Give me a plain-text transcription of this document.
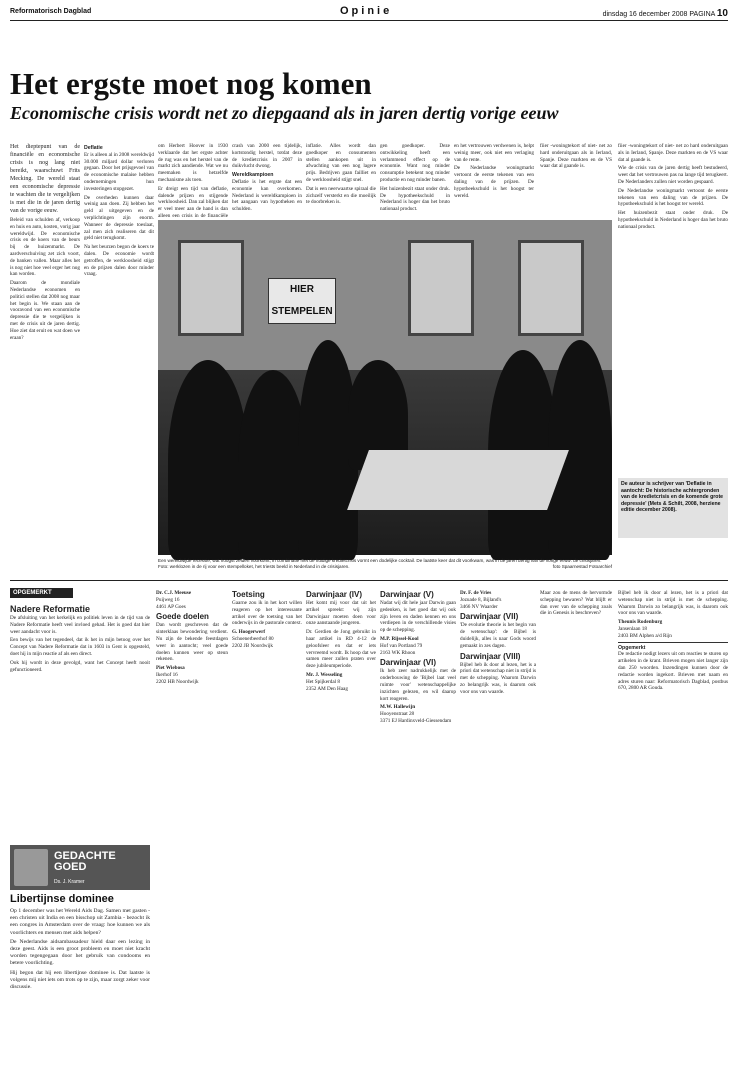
Reformatorisch Dagblad	Opinie	dinsdag 16 december 2008 PAGINA 10
Het ergste moet nog komen
Economische crisis wordt net zo diepgaand als in jaren dertig vorige eeuw

Het dieptepunt van de financiële en economische crisis is nog lang niet bereikt, waarschuwt Frits Mecking. De wereld staat een economische depressie te wachten die te vergelijken is met die in de jaren dertig van de vorige eeuw.

Beleid van schulden af, verkoop en huis en auto, kosten, vorig jaar wereldwijd. De economische crisis en de koers van de beurs bij de huizenmarkt. De aardverschuiving zet zich voort, de banken vallen. Maar alles het is nog niet hoe veel erger het nog kan worden.

Daarom de mondiale Nederlandse economen en politici stellen dat 2008 nog maar het begin is. We staan aan de vooravond van een economische depressie die te vergelijken is met de crisis uit de jaren dertig. Hoe ziet dat eruit en wat doen we eraan?

Deflatie

Er is alleen al in 2008 wereldwijd 30.000 miljard dollar verloren gegaan. Door het prijsgevoel van de economische malaise hebben ondernemingen hun investeringen stopgezet.

De overheden kunnen daar weinig aan doen. Zij hebben het geld al uitgegeven en de verplichtingen zijn enorm. Wanneer de depressie toeslaat, zal men zich realiseren dat dit geld niet terugkomt.

Na het beurzen begon de koers te dalen. De economie wordt getroffen, de werkloosheid stijgt en de prijzen dalen door minder vraag.

om Herbert Hoover in 1930 verklaarde dat het ergste achter de rug was en het herstel van de markt zich aandiende. Wat we nu meemaken is hetzelfde mechanisme als toen.

Er dreigt een tijd van deflatie, dalende prijzen en stijgende werkloosheid. Dan zal blijken dat er veel meer aan de hand is dan alleen een crisis in de financiële

crash van 2000 een tijdelijk, kortstondig herstel, totdat deze de kredietcrisis in 2007 in duikvlucht dwong.

Wereldkampioen

Deflatie is het ergste dat een economie kan overkomen. Nederland is wereldkampioen in het aangaan van hypotheken en schulden.

inflatie. Alles wordt dan goedkoper en consumenten stellen aankopen uit in afwachting van een nog lagere prijs. Bedrijven gaan failliet en de werkloosheid stijgt snel.

Dat is een neerwaartse spiraal die zichzelf versterkt en die moeilijk te doorbreken is.

gen goedkoper. Deze ontwikkeling heeft een verlammend effect op de economie. Want nog minder consumptie betekent nog minder productie en nog minder banen.

Het huizenbezit staat onder druk. De hypotheekschuld in Nederland is hoger dan het bruto nationaal product.

en het vertrouwen verdwenen is, helpt weinig meer, ook niet een verlaging van de rente.

De Nederlandse woningmarkt vertoont de eerste tekenen van een daling van de prijzen. De hypotheekschuld is het hoogst ter wereld.

fiier -woningtekort of niet- net zo hard onderuitgaan als in Ierland, Spanje. Deze markten en de VS waar dat al gaande is.

fiier -woningtekort of niet- net zo hard onderuitgaan als in Ierland, Spanje. Deze markten en de VS waar dat al gaande is.

Wie de crisis van de jaren dertig heeft bestudeerd, weet dat het vertrouwen pas na lange tijd terugkeert. De Nederlanders zullen niet worden gespaard.

De Nederlandse woningmarkt vertoont de eerste tekenen van een daling van de prijzen. De hypotheekschuld is het hoogst ter wereld.

Het huizenbezit staat onder druk. De hypotheekschuld in Nederland is hoger dan het bruto nationaal product.

De auteur is schrijver van 'Deflatie in aantocht: De historische achtergronden van de kredietcrisis en de komende grote depressie' (Mets & Schilt, 2008, herziene editie december 2008).
HIER STEMPELEN
Een wereldwijde recessie, wat hoogst zelden voorkomt, in combinatie met de huidige kredietcrisis vormt een dodelijke cocktail. De laatste keer dat dit voorkwam, was in de jaren dertig van de vorige eeuw: de crisisjaren. Foto: werklozen in de rij voor een stempelloket, het triests beeld in Nederland in de crisisjaren.	foto Spaarnestad Fotoarchief
OPGEMERKT
Nadere Reformatie

De afsluiting van het kerkelijk en politiek leven in de tijd van de Nadere Reformatie heeft veel invloed gehad. Het is goed dat hier weer aandacht voor is.

Een bewijs van het tegendeel, dat ik het in mijn betoog over het Concept van Nadere Reformatie dat in 1603 in Gent is opgesteld, doet hij in mijn reactie af als een direct.

Ook hij wordt in deze gevolgd, want het Concept heeft nooit gefunctioneerd.

Dr. C.J. Meeuse

Puijweg 16
4461 AP Goes

Goede doelen

Dan wordt geschreven dat de sinterklaas bewondering verdient. Nu zijn de bekende feestdagen weer in aantocht; veel goede doelen kunnen weer op steun rekenen.

Piet Wiebosa

Ikerhof 16
2202 HB Noordwijk

Toetsing

Gaarne zou ik in het kort willen reageren op het interessante artikel over de toetsing van het onderwijs in de pastorale context.

G. Hoogerwerf

Schoenerbeerhof 80
2202 JB Noordwijk

Darwinjaar (IV)

Het komt mij voor dat uit het artikel spreekt: wij zijn Darwinjaar moeten doen voor onze aanstaande jongeren.

Dr. Gerdien de Jong gebruikt in haar artikel in RD 4-12 de geloofsleer en dat er iets vervreemd wordt. Ik hoop dat we samen meer zullen praten over deze jubileumperiode.

Mr. J. Wesseling

Het Spijkerdal 8
2352 AM Den Haag

Darwinjaar (V)

Nadat wij dit hele jaar Darwin gaan gedenken, is het goed dat wij ook zijn leven en daden kennen en ons verdiepen in de verschillende visies op de schepping.

M.P. Rijssel-Kool

Hof van Portland 79
2163 WK Rhoon

Darwinjaar (VI)

Ik heb zeer nadrukkelijk met de onderbouwing de 'Bijbel laat veel ruimte voor' wetenschappelijke inzichten gelezen, en wil daarop kort reageren.

M.W. Hallewijn

Hooyenstraat 28
3371 EJ Hardinxveld-Giessendam

Dr. F. de Vries

Jozuade 8, Bijland's
3466 NV Waarder

Darwinjaar (VII)

'De evolutie theorie is het begin van de wetenschap': de Bijbel is duidelijk, alles is naar Gods woord gemaakt in zes dagen.

Darwinjaar (VIII)

Bijbel heb ik door al lezen, het is a priori dat wetenschap niet in strijd is met de schepping. Waarom Darwin zo belangrijk was, is daarom ook voor ons van waarde.

Maar zou de mens de hervormde schepping bewaren? Wat blijft er dan over van de schepping zoals die in Genesis is beschreven?

Bijbel heb ik door al lezen, het is a priori dat wetenschap niet in strijd is met de schepping. Waarom Darwin zo belangrijk was, is daarom ook voor ons van waarde.

Theunis Rodenburg

Jansenlaan 18
2403 BM Alphen a/d Rijn

Opgemerkt

De redactie nodigt lezers uit om reacties te sturen op artikelen in de krant. Brieven mogen niet langer zijn dan 250 woorden. Inzendingen kunnen door de redactie worden ingekort. Brieven met naam en adres sturen naar: Reformatorisch Dagblad, postbus 670, 2800 AR Gouda.

GEDACHTE GOED
Ds. J. Kramer
Libertijnse dominee

Op 1 december was het Wereld Aids Dag. Samen met gasten - een christen uit India en een bisschop uit Zambia - bezocht ik een congres in Amsterdam over de vraag: hoe kunnen we als voorlichters en mensen met aids helpen?

De Nederlandse aidsambassadeur hield daar een lezing in deze geest. Aids is een groot probleem en moet niet kracht worden tegengegaan door het gebruik van condooms en betere voorlichting.

Hij begon dat hij een libertijnse dominee is. Dat laatste is volgens mij niet iets om trots op te zijn, maar zorgt zeker voor discussie.
